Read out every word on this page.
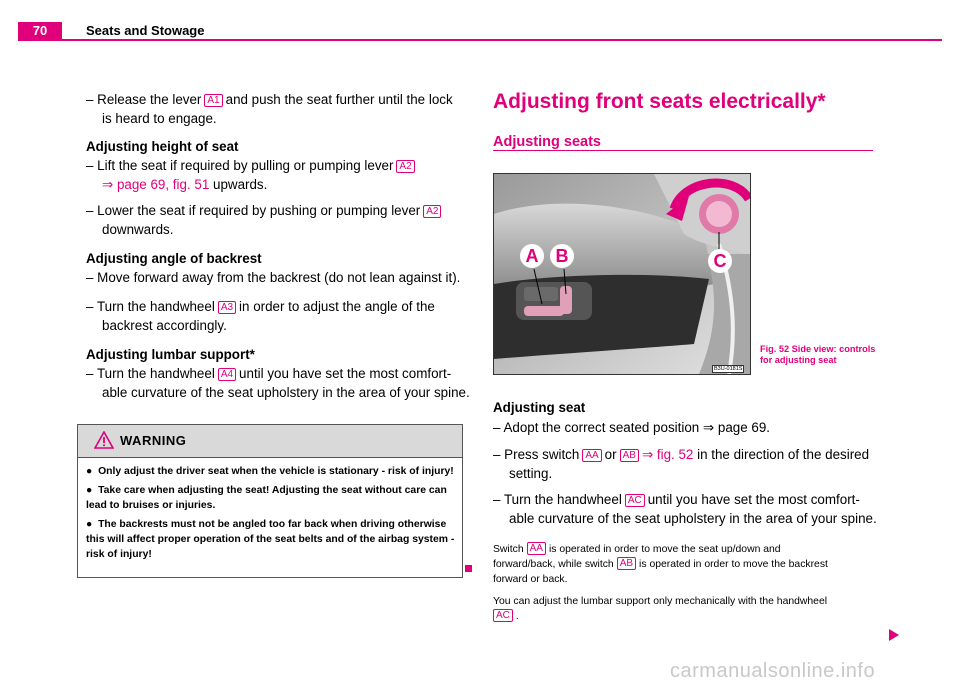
70	Seats and Stowage
– Release the lever A1 and push the seat further until the lock
is heard to engage.
Adjusting height of seat
– Lift the seat if required by pulling or pumping lever A2
⇒ page 69, fig. 51 upwards.
– Lower the seat if required by pushing or pumping lever A2
downwards.
Adjusting angle of backrest
– Move forward away from the backrest (do not lean against it).
– Turn the handwheel A3 in order to adjust the angle of the
backrest accordingly.
Adjusting lumbar support*
– Turn the handwheel A4 until you have set the most comfort-
able curvature of the seat upholstery in the area of your spine.
WARNING

●  Only adjust the driver seat when the vehicle is stationary - risk of injury!

●  Take care when adjusting the seat! Adjusting the seat without care can lead to bruises or injuries.

●  The backrests must not be angled too far back when driving otherwise this will affect proper operation of the seat belts and of the airbag system - risk of injury!

Adjusting front seats electrically*
Adjusting seats
A B	C
B3U-0181S
Fig. 52 Side view: controls for adjusting seat
Adjusting seat
– Adopt the correct seated position ⇒ page 69.
– Press switch AA or AB ⇒ fig. 52 in the direction of the desired
setting.
– Turn the handwheel AC until you have set the most comfort-
able curvature of the seat upholstery in the area of your spine.
Switch AA is operated in order to move the seat up/down and
forward/back, while switch AB is operated in order to move the backrest
forward or back.
You can adjust the lumbar support only mechanically with the handwheel
AC .
carmanualsonline.info
